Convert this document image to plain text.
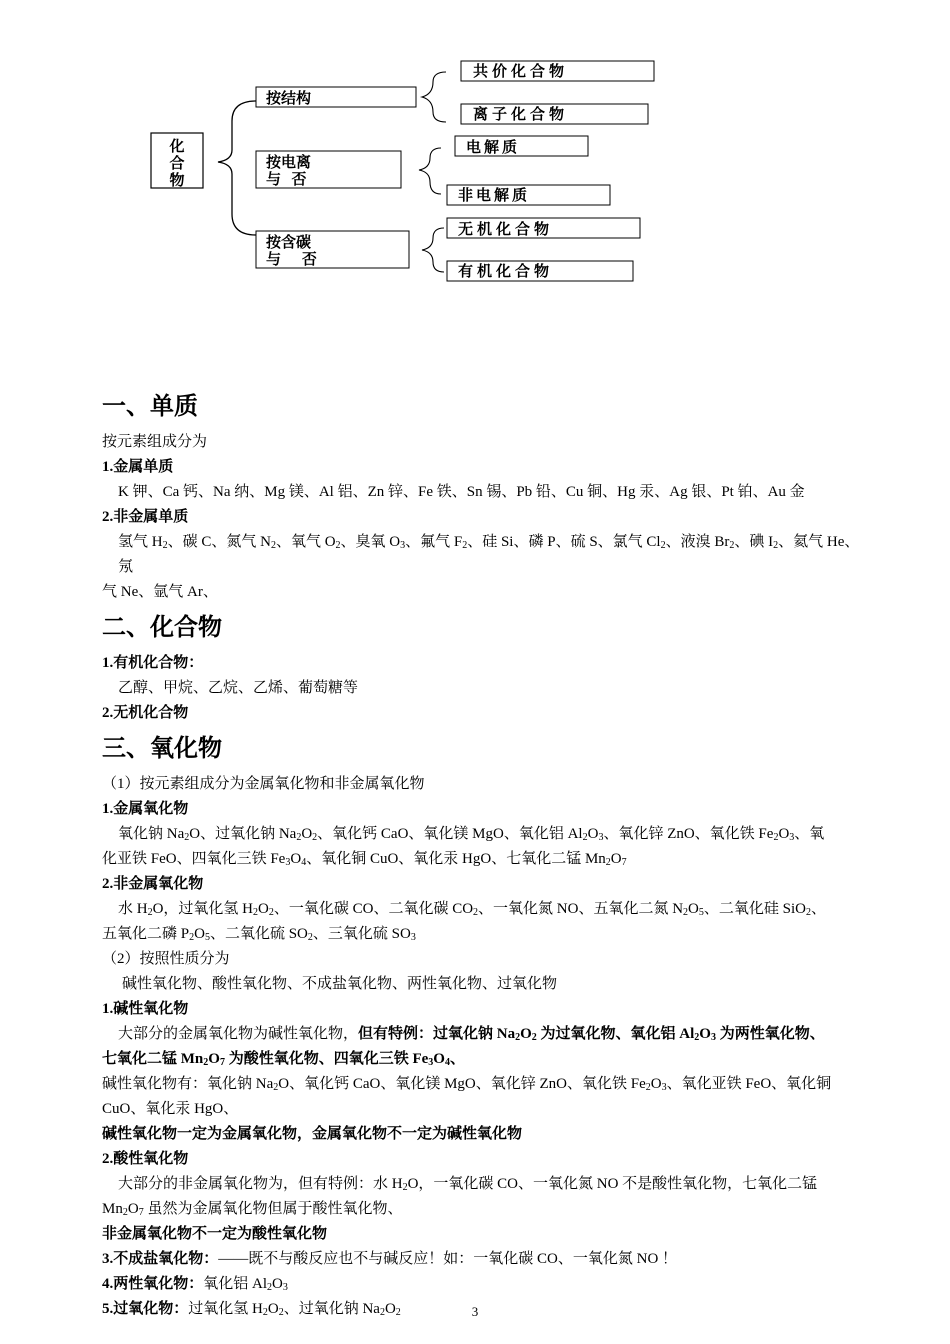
化
合
物
按结构
共价化合物
离子化合物
按电离
与  否
电解质
非电解质
按含碳
与    否
无机化合物
有机化合物
一、单质
按元素组成分为
1.金属单质
K 钾、Ca 钙、Na 纳、Mg 镁、Al 铝、Zn 锌、Fe 铁、Sn 锡、Pb 铅、Cu 铜、Hg 汞、Ag 银、Pt 铂、Au 金
2.非金属单质
氢气 $H_2$、碳 C、氮气 $N_2$、氧气 $O_2$、臭氧 $O_3$、氟气 $F_2$、硅 Si、磷 P、硫 S、氯气 $Cl_2$、液溴 $Br_2$、碘 $I_2$、氦气 He、氖
气 Ne、氩气 Ar、
二、化合物
1.有机化合物：
乙醇、甲烷、乙烷、乙烯、葡萄糖等
2.无机化合物
三、氧化物
（1）按元素组成分为金属氧化物和非金属氧化物
1.金属氧化物
氧化钠 $Na_2O$、过氧化钠 $Na_2O_2$、氧化钙 CaO、氧化镁 MgO、氧化铝 $Al_2O_3$、氧化锌 ZnO、氧化铁 $Fe_2O_3$、氧
化亚铁 FeO、四氧化三铁 $Fe_3O_4$、氧化铜 CuO、氧化汞 HgO、七氧化二锰 $Mn_2O_7$
2.非金属氧化物
水 $H_2O$，过氧化氢 $H_2O_2$、一氧化碳 CO、二氧化碳 $CO_2$、一氧化氮 NO、五氧化二氮 $N_2O_5$、二氧化硅 SiO$_2$、
五氧化二磷 $P_2O_5$、二氧化硫 $SO_2$、三氧化硫 $SO_3$
（2）按照性质分为
碱性氧化物、酸性氧化物、不成盐氧化物、两性氧化物、过氧化物
1.碱性氧化物
大部分的金属氧化物为碱性氧化物，但有特例：过氧化钠 $Na_2O_2$ 为过氧化物、氧化铝 $Al_2O_3$ 为两性氧化物、
七氧化二锰 $Mn_2O_7$ 为酸性氧化物、四氧化三铁 $Fe_3O_4$、
碱性氧化物有：氧化钠 $Na_2O$、氧化钙 CaO、氧化镁 MgO、氧化锌 ZnO、氧化铁 $Fe_2O_3$、氧化亚铁 FeO、氧化铜
CuO、氧化汞 HgO、
碱性氧化物一定为金属氧化物，金属氧化物不一定为碱性氧化物
2.酸性氧化物
大部分的非金属氧化物为，但有特例：水 $H_2O$，一氧化碳 CO、一氧化氮 NO 不是酸性氧化物，七氧化二锰
$Mn_2O_7$ 虽然为金属氧化物但属于酸性氧化物、
非金属氧化物不一定为酸性氧化物
3.不成盐氧化物：——既不与酸反应也不与碱反应！如：一氧化碳 CO、一氧化氮 NO ！
4.两性氧化物：氧化铝 $Al_2O_3$
5.过氧化物：过氧化氢 $H_2O_2$、过氧化钠 $Na_2O_2$	3
